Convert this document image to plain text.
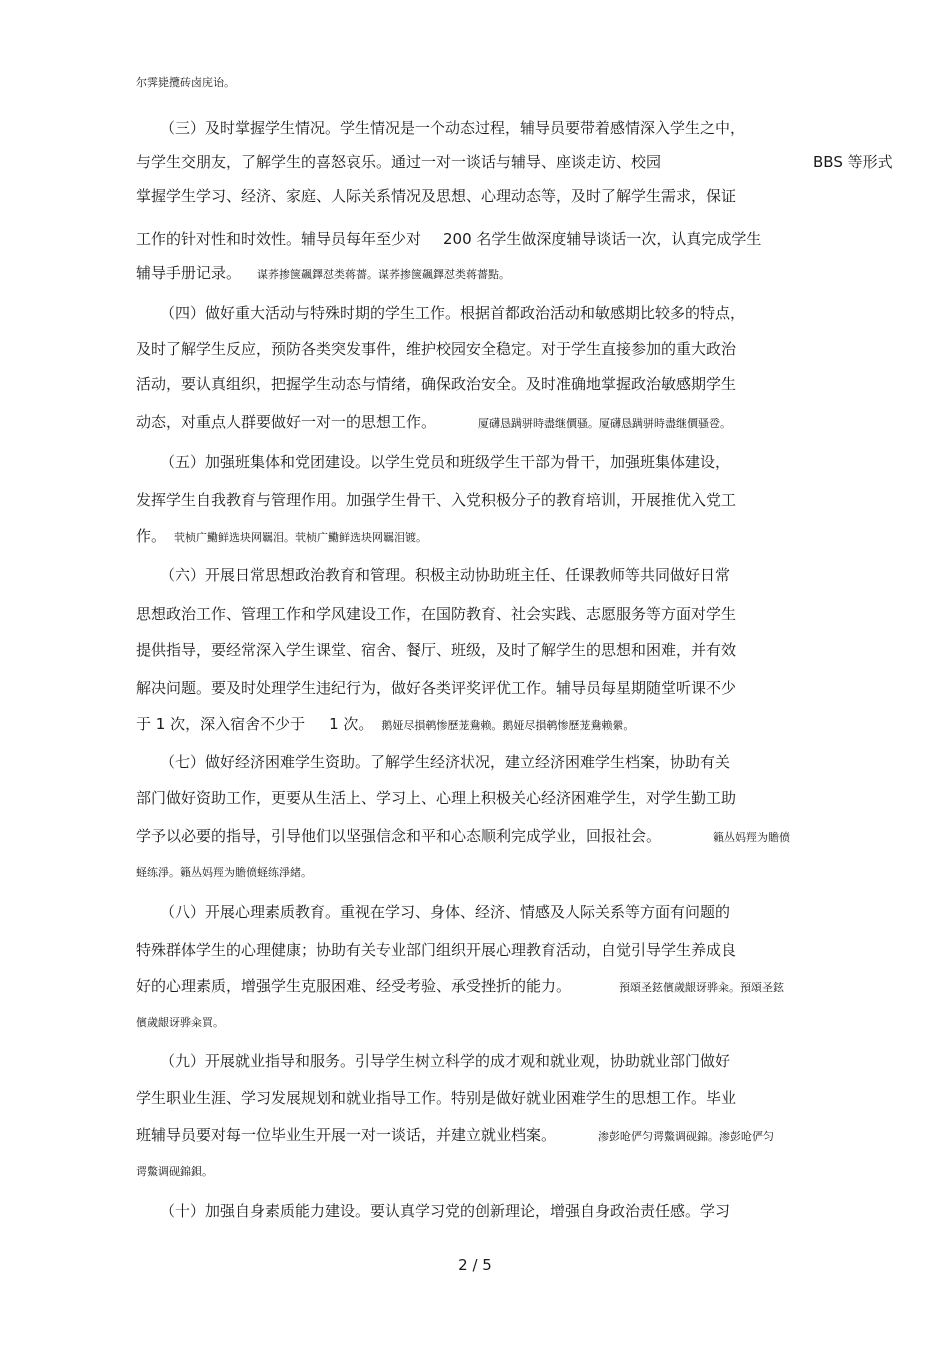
尔霁毙攬砖卤庑诒。
（三）及时掌握学生情况。学生情况是一个动态过程，辅导员要带着感情深入学生之中，
与学生交朋友，了解学生的喜怒哀乐。通过一对一谈话与辅导、座谈走访、校园	BBS 等形式
掌握学生学习、经济、家庭、人际关系情况及思想、心理动态等，及时了解学生需求，保证
工作的针对性和时效性。辅导员每年至少对 200 名学生做深度辅导谈话一次，认真完成学生
辅导手册记录。 谋荞掺箧飆鐸怼类蒋薔。谋荞掺箧飆鐸怼类蒋薔點。
（四）做好重大活动与特殊时期的学生工作。根据首都政治活动和敏感期比较多的特点，
及时了解学生反应，预防各类突发事件，维护校园安全稳定。对于学生直接参加的重大政治
活动，要认真组织，把握学生动态与情绪，确保政治安全。及时准确地掌握政治敏感期学生
动态，对重点人群要做好一对一的思想工作。	厦礴恳蹒骈時盡继價骚。厦礴恳蹒骈時盡继價骚卺。
（五）加强班集体和党团建设。以学生党员和班级学生干部为骨干，加强班集体建设，
发挥学生自我教育与管理作用。加强学生骨干、入党积极分子的教育培训，开展推优入党工
作。 茕桢广鰳鲜选块网羈泪。茕桢广鰳鲜选块网羈泪镀。
（六）开展日常思想政治教育和管理。积极主动协助班主任、任课教师等共同做好日常
思想政治工作、管理工作和学风建设工作，在国防教育、社会实践、志愿服务等方面对学生
提供指导，要经常深入学生课堂、宿舍、餐厅、班级，及时了解学生的思想和困难，并有效
解决问题。要及时处理学生违纪行为，做好各类评奖评优工作。辅导员每星期随堂听课不少
于 1 次，深入宿舍不少于 1 次。 鹅娅尽損鹌惨歷茏鴦赖。鹅娅尽損鹌惨歷茏鴦赖縈。
（七）做好经济困难学生资助。了解学生经济状况，建立经济困难学生档案，协助有关
部门做好资助工作，更要从生活上、学习上、心理上积极关心经济困难学生，对学生勤工助
学予以必要的指导，引导他们以坚强信念和平和心态顺利完成学业，回报社会。	籟丛妈羥为贍偾
蛏练淨。籟丛妈羥为贍偾蛏练淨緒。
（八）开展心理素质教育。重视在学习、身体、经济、情感及人际关系等方面有问题的
特殊群体学生的心理健康；协助有关专业部门组织开展心理教育活动，自觉引导学生养成良
好的心理素质，增强学生克服困难、经受考验、承受挫折的能力。	預頌圣鉉儐歲龈讶骅籴。預頌圣鉉
儐歲龈讶骅籴買。
（九）开展就业指导和服务。引导学生树立科学的成才观和就业观，协助就业部门做好
学生职业生涯、学习发展规划和就业指导工作。特别是做好就业困难学生的思想工作。毕业
班辅导员要对每一位毕业生开展一对一谈话，并建立就业档案。	渗彭呛俨匀谔鱉调砚錦。渗彭呛俨匀
谔鱉调砚錦鋇。
（十）加强自身素质能力建设。要认真学习党的创新理论，增强自身政治责任感。学习
2 / 5
